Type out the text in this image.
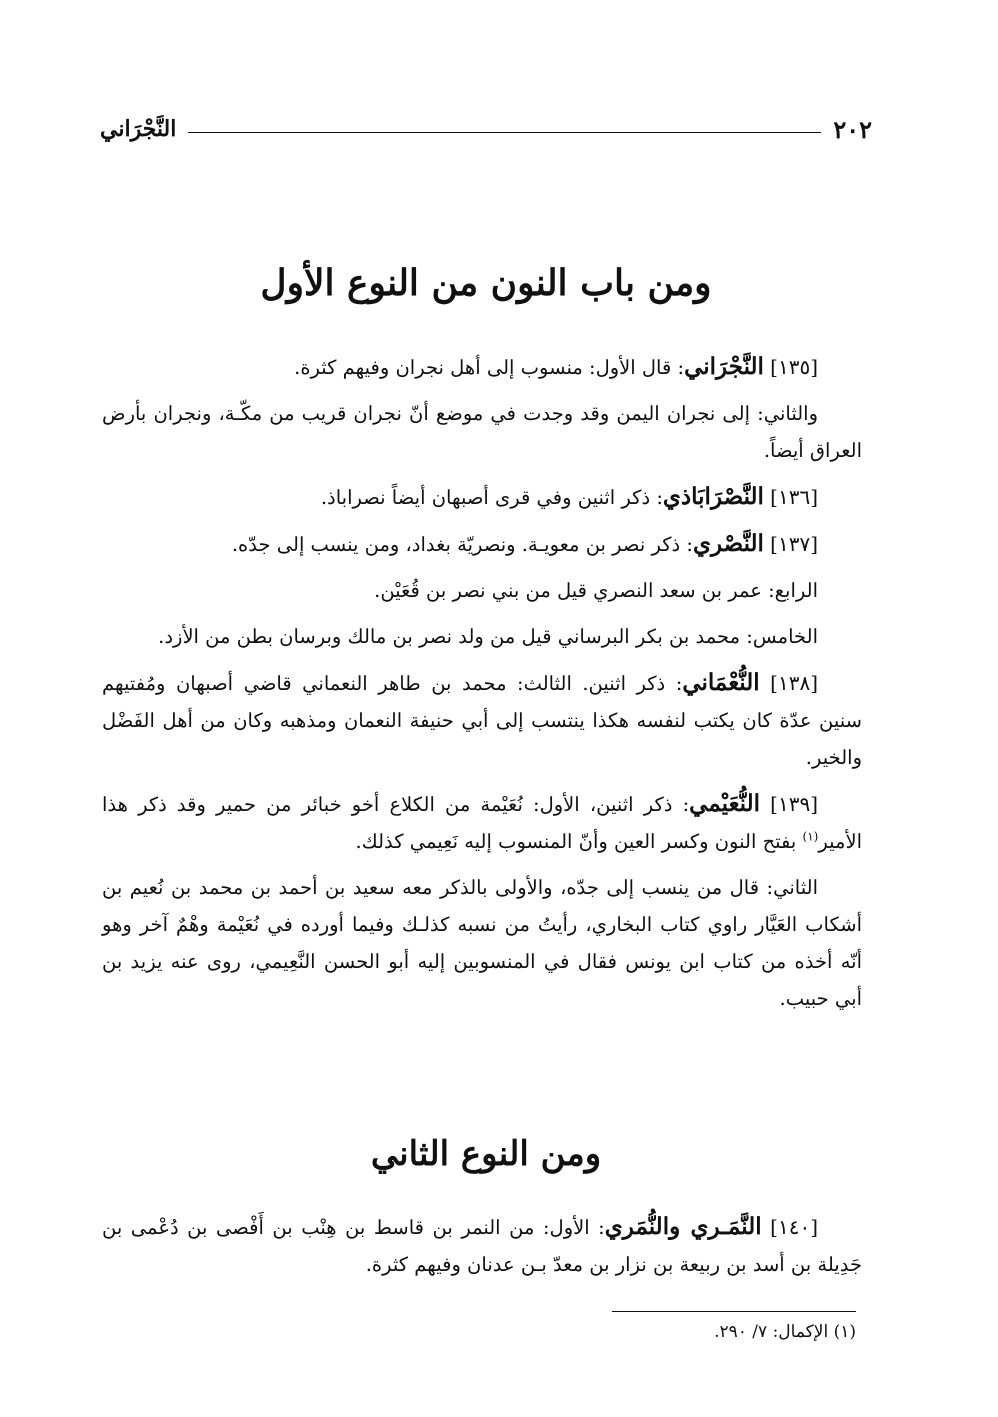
٢٠٢
النَّجْرَاني
ومن باب النون من النوع الأول

[١٣٥] النَّجْرَاني: قال الأول: منسوب إلى أهل نجران وفيهم كثرة.

والثاني: إلى نجران اليمن وقد وجدت في موضع أنّ نجران قريب من مكّـة، ونجران بأرض العراق أيضاً.

[١٣٦] النَّصْرَابَاذي: ذكر اثنين وفي قرى أصبهان أيضاً نصراباذ.

[١٣٧] النَّصْري: ذكر نصر بن معويـة. ونصريّة بغداد، ومن ينسب إلى جدّه.

الرابع: عمر بن سعد النصري قيل من بني نصر بن قُعَيْن.

الخامس: محمد بن بكر البرساني قيل من ولد نصر بن مالك وبرسان بطن من الأزد.

[١٣٨] النُّعْمَاني: ذكر اثنين. الثالث: محمد بن طاهر النعماني قاضي أصبهان ومُفتيهم سنين عدّة كان يكتب لنفسه هكذا ينتسب إلى أبي حنيفة النعمان ومذهبه وكان من أهل الفَضْل والخير.

[١٣٩] النُّعَيْمي: ذكر اثنين، الأول: نُعَيْمة من الكلاع أخو خبائر من حمير وقد ذكر هذا الأمير$^{(١)}$ بفتح النون وكسر العين وأنّ المنسوب إليه نَعِيمي كذلك.

الثاني: قال من ينسب إلى جدّه، والأولى بالذكر معه سعيد بن أحمد بن محمد بن نُعيم بن أشكاب العَيَّار راوي كتاب البخاري، رأيتُ من نسبه كذلـك وفيما أورده في نُعَيْمة وهْمٌ آخر وهو أنّه أخذه من كتاب ابن يونس فقال في المنسوبين إليه أبو الحسن النَّعِيمي، روى عنه يزيد بن أبي حبيب.

ومن النوع الثاني

[١٤٠] النَّمَـري والنُّمَري: الأول: من النمر بن قاسط بن هِنْب بن أَفْصى بن دُعْمى بن جَدِيلة بن أسد بن ربيعة بن نزار بن معدّ بـن عدنان وفيهم كثرة.

(١) الإكمال: ٧/ ٢٩٠.
